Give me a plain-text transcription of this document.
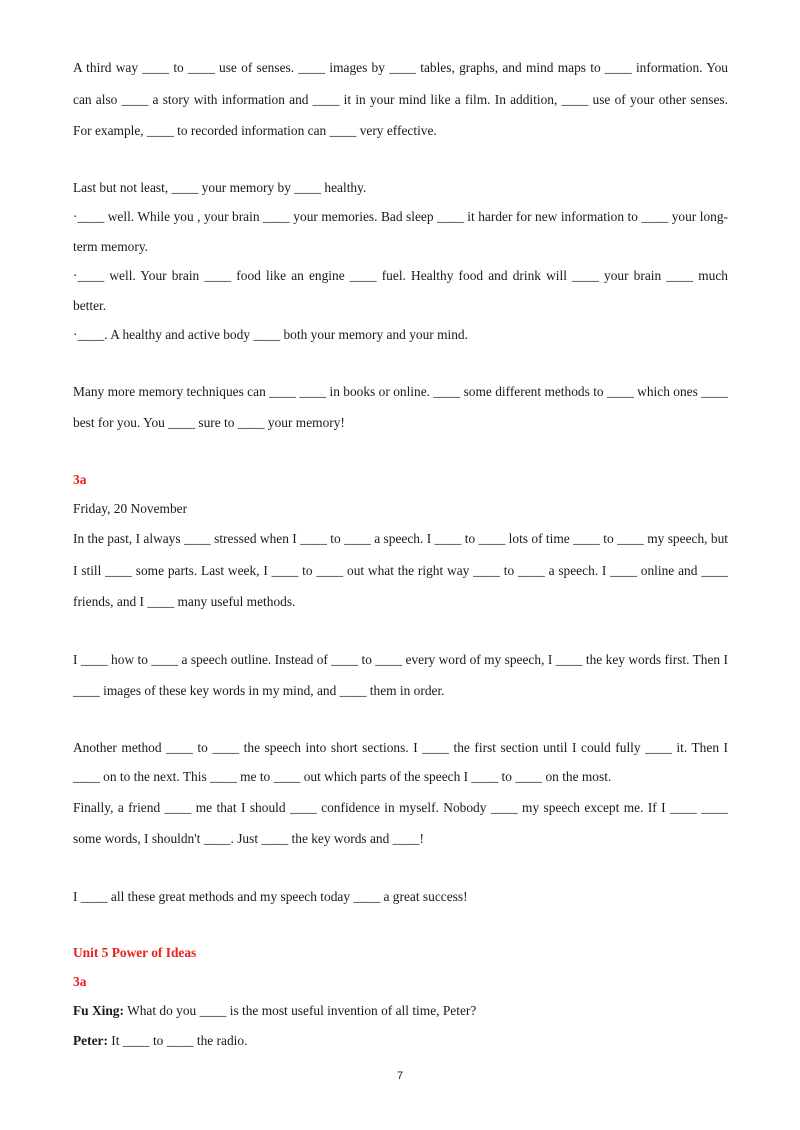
A third way ____ to ____ use of senses. ____ images by ____ tables, graphs, and mind maps to ____ information. You can also ____ a story with information and ____ it in your mind like a film. In addition, ____ use of your other senses. For example, ____ to recorded information can ____ very effective.

Last but not least, ____ your memory by ____ healthy.

·____ well. While you , your brain ____ your memories. Bad sleep ____ it harder for new information to ____ your long-term memory.

·____ well. Your brain ____ food like an engine ____ fuel. Healthy food and drink will ____ your brain ____ much better.

·____. A healthy and active body ____ both your memory and your mind.

Many more memory techniques can ____ ____ in books or online. ____ some different methods to ____ which ones ____ best for you. You ____ sure to ____ your memory!

3a

Friday, 20 November

In the past, I always ____ stressed when I ____ to ____ a speech. I ____ to ____ lots of time ____ to ____ my speech, but I still ____ some parts. Last week, I ____ to ____ out what the right way ____ to ____ a speech. I ____ online and ____ friends, and I ____ many useful methods.

I ____ how to ____ a speech outline. Instead of ____ to ____ every word of my speech, I ____ the key words first. Then I ____ images of these key words in my mind, and ____ them in order.

Another method ____ to ____ the speech into short sections. I ____ the first section until I could fully ____ it. Then I ____ on to the next. This ____ me to ____ out which parts of the speech I ____ to ____ on the most.

Finally, a friend ____ me that I should ____ confidence in myself. Nobody ____ my speech except me. If I ____ ____ some words, I shouldn't ____. Just ____ the key words and ____!

I ____ all these great methods and my speech today ____ a great success!

Unit 5 Power of Ideas

3a

Fu Xing: What do you ____ is the most useful invention of all time, Peter?

Peter: It ____ to ____ the radio.

7
